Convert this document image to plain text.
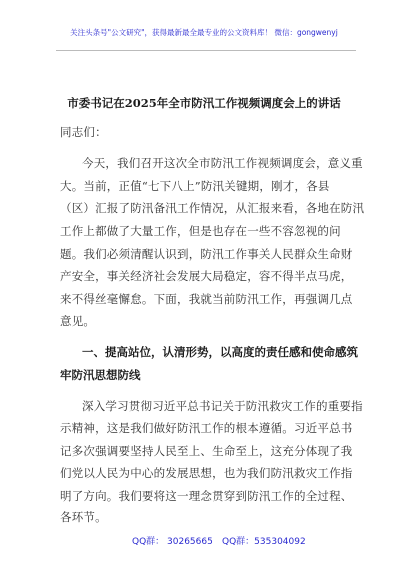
关注头条号"公文研究"，获得最新最全最专业的公文资料库！ 微信：gongwenyj
市委书记在2025年全市防汛工作视频调度会上的讲话
同志们：
今天，我们召开这次全市防汛工作视频调度会，意义重
大。当前，正值“七下八上”防汛关键期，刚才，各县
（区）汇报了防汛备汛工作情况，从汇报来看，各地在防汛
工作上都做了大量工作，但是也存在一些不容忽视的问
题。我们必须清醒认识到，防汛工作事关人民群众生命财
产安全，事关经济社会发展大局稳定，容不得半点马虎，
来不得丝毫懈怠。下面，我就当前防汛工作，再强调几点
意见。
一、提高站位，认清形势，以高度的责任感和使命感筑
牢防汛思想防线
深入学习贯彻习近平总书记关于防汛救灾工作的重要指
示精神，这是我们做好防汛工作的根本遵循。习近平总书
记多次强调要坚持人民至上、生命至上，这充分体现了我
们党以人民为中心的发展思想，也为我们防汛救灾工作指
明了方向。我们要将这一理念贯穿到防汛工作的全过程、
各环节。
QQ群： 30265665 QQ群：535304092
